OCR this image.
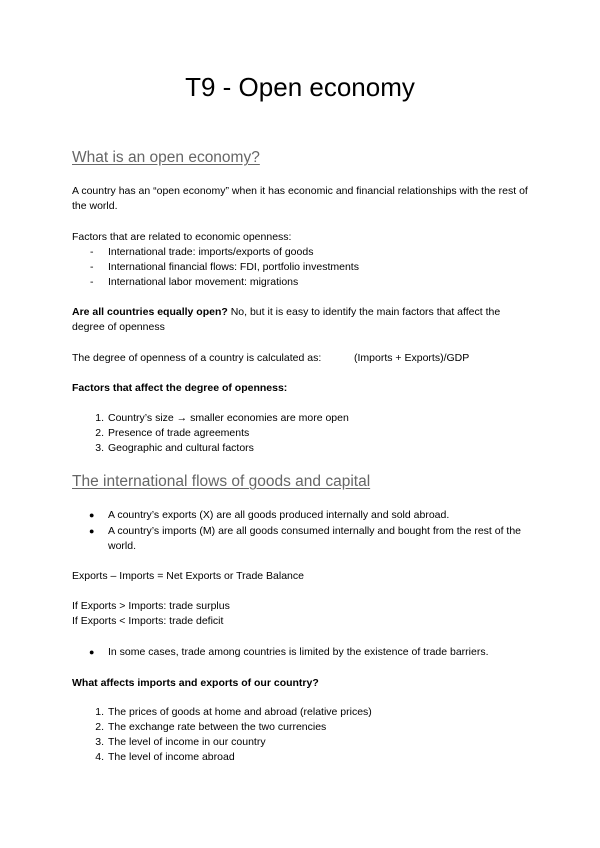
T9 - Open economy
What is an open economy?

A country has an “open economy” when it has economic and financial relationships with the rest of the world.

Factors that are related to economic openness:

- International trade: imports/exports of goods
- International financial flows: FDI, portfolio investments
- International labor movement: migrations

Are all countries equally open? No, but it is easy to identify the main factors that affect the degree of openness

The degree of openness of a country is calculated as:	(Imports + Exports)/GDP

Factors that affect the degree of openness:

1. Country’s size → smaller economies are more open
2. Presence of trade agreements
3. Geographic and cultural factors
The international flows of goods and capital
● A country’s exports (X) are all goods produced internally and sold abroad.
● A country’s imports (M) are all goods consumed internally and bought from the rest of the world.

Exports – Imports = Net Exports or Trade Balance

If Exports > Imports: trade surplus

If Exports < Imports: trade deficit

● In some cases, trade among countries is limited by the existence of trade barriers.

What affects imports and exports of our country?

1. The prices of goods at home and abroad (relative prices)
2. The exchange rate between the two currencies
3. The level of income in our country
4. The level of income abroad
